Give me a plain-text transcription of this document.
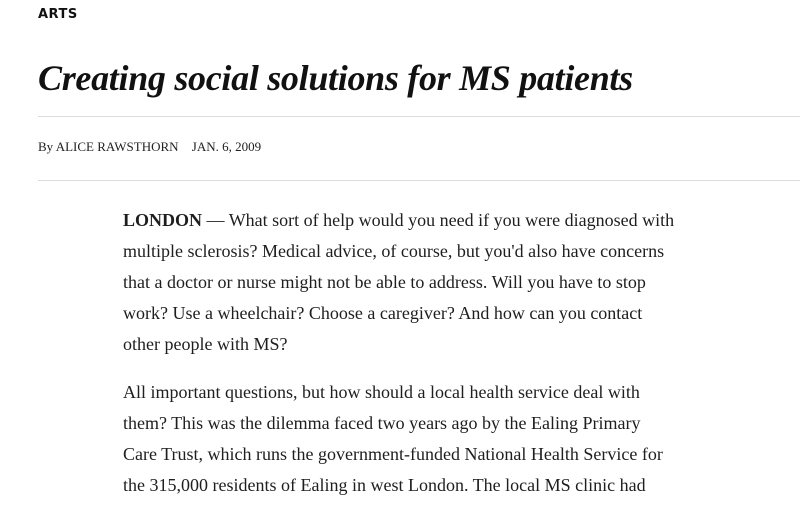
ARTS
Creating social solutions for MS patients
By ALICE RAWSTHORN JAN. 6, 2009

LONDON — What sort of help would you need if you were diagnosed with
multiple sclerosis? Medical advice, of course, but you'd also have concerns
that a doctor or nurse might not be able to address. Will you have to stop
work? Use a wheelchair? Choose a caregiver? And how can you contact
other people with MS?

All important questions, but how should a local health service deal with
them? This was the dilemma faced two years ago by the Ealing Primary
Care Trust, which runs the government-funded National Health Service for
the 315,000 residents of Ealing in west London. The local MS clinic had
